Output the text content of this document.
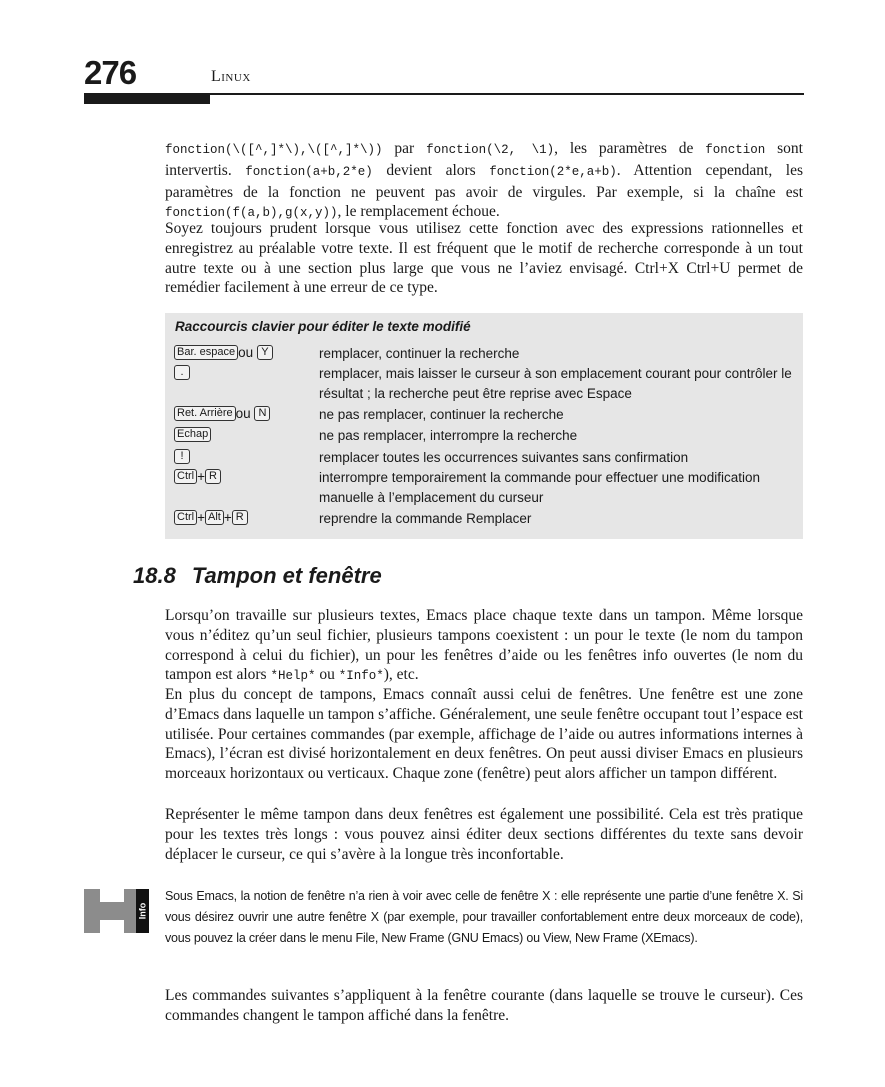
276	Linux

fonction(\([^,]*\),\([^,]*\)) par fonction(\2, \1), les paramètres de fonction sont intervertis. fonction(a+b,2*e) devient alors fonction(2*e,a+b). Attention cependant, les paramètres de la fonction ne peuvent pas avoir de virgules. Par exemple, si la chaîne est fonction(f(a,b),g(x,y)), le remplacement échoue.

Soyez toujours prudent lorsque vous utilisez cette fonction avec des expressions rationnelles et enregistrez au préalable votre texte. Il est fréquent que le motif de recherche corresponde à un tout autre texte ou à une section plus large que vous ne l’aviez envisagé. Ctrl+X Ctrl+U permet de remédier facilement à une erreur de ce type.

Raccourcis clavier pour éditer le texte modifié
Bar. espace ou Y	remplacer, continuer la recherche
.	remplacer, mais laisser le curseur à son emplacement courant pour contrôler le résultat ; la recherche peut être reprise avec Espace
Ret. Arrière ou N	ne pas remplacer, continuer la recherche
Echap	ne pas remplacer, interrompre la recherche
!	remplacer toutes les occurrences suivantes sans confirmation
Ctrl + R	interrompre temporairement la commande pour effectuer une modification manuelle à l’emplacement du curseur
Ctrl + Alt + R	reprendre la commande Remplacer
18.8 Tampon et fenêtre

Lorsqu’on travaille sur plusieurs textes, Emacs place chaque texte dans un tampon. Même lorsque vous n’éditez qu’un seul fichier, plusieurs tampons coexistent : un pour le texte (le nom du tampon correspond à celui du fichier), un pour les fenêtres d’aide ou les fenêtres info ouvertes (le nom du tampon est alors *Help* ou *Info*), etc.

En plus du concept de tampons, Emacs connaît aussi celui de fenêtres. Une fenêtre est une zone d’Emacs dans laquelle un tampon s’affiche. Généralement, une seule fenêtre occupant tout l’espace est utilisée. Pour certaines commandes (par exemple, affichage de l’aide ou autres informations internes à Emacs), l’écran est divisé horizontalement en deux fenêtres. On peut aussi diviser Emacs en plusieurs morceaux horizontaux ou verticaux. Chaque zone (fenêtre) peut alors afficher un tampon différent.

Représenter le même tampon dans deux fenêtres est également une possibilité. Cela est très pratique pour les textes très longs : vous pouvez ainsi éditer deux sections différentes du texte sans devoir déplacer le curseur, ce qui s’avère à la longue très inconfortable.

Info

Sous Emacs, la notion de fenêtre n’a rien à voir avec celle de fenêtre X : elle représente une partie d’une fenêtre X. Si vous désirez ouvrir une autre fenêtre X (par exemple, pour travailler confortablement entre deux morceaux de code), vous pouvez la créer dans le menu File, New Frame (GNU Emacs) ou View, New Frame (XEmacs).

Les commandes suivantes s’appliquent à la fenêtre courante (dans laquelle se trouve le curseur). Ces commandes changent le tampon affiché dans la fenêtre.
